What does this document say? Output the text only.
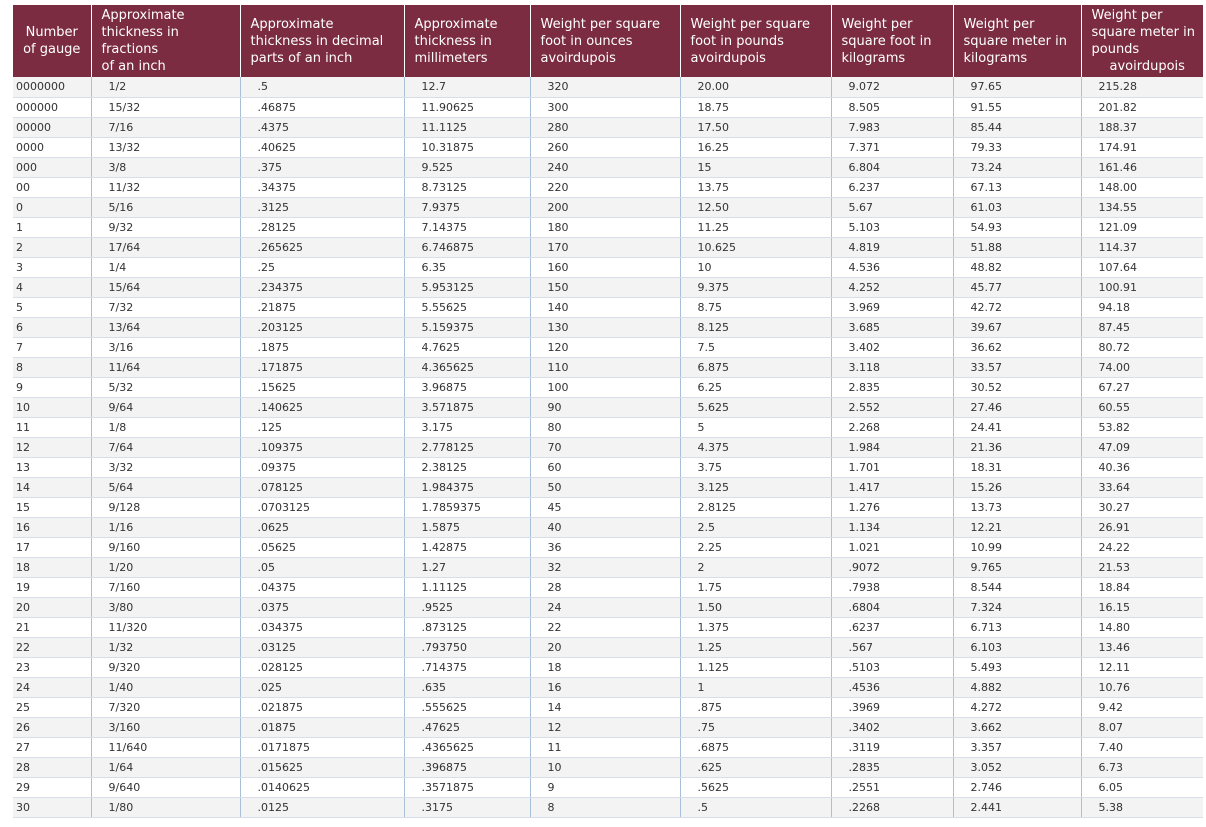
Number
of gauge	Approximate
thickness in fractions
of an inch	Approximate
thickness in decimal
parts of an inch	Approximate
thickness in
millimeters	Weight per square
foot in ounces
avoirdupois	Weight per square
foot in pounds
avoirdupois	Weight per
square foot in
kilograms	Weight per
square meter in
kilograms	Weight per
square meter in
pounds
avoirdupois
0000000	1/2	.5	12.7	320	20.00	9.072	97.65	215.28
000000	15/32	.46875	11.90625	300	18.75	8.505	91.55	201.82
00000	7/16	.4375	11.1125	280	17.50	7.983	85.44	188.37
0000	13/32	.40625	10.31875	260	16.25	7.371	79.33	174.91
000	3/8	.375	9.525	240	15	6.804	73.24	161.46
00	11/32	.34375	8.73125	220	13.75	6.237	67.13	148.00
0	5/16	.3125	7.9375	200	12.50	5.67	61.03	134.55
1	9/32	.28125	7.14375	180	11.25	5.103	54.93	121.09
2	17/64	.265625	6.746875	170	10.625	4.819	51.88	114.37
3	1/4	.25	6.35	160	10	4.536	48.82	107.64
4	15/64	.234375	5.953125	150	9.375	4.252	45.77	100.91
5	7/32	.21875	5.55625	140	8.75	3.969	42.72	94.18
6	13/64	.203125	5.159375	130	8.125	3.685	39.67	87.45
7	3/16	.1875	4.7625	120	7.5	3.402	36.62	80.72
8	11/64	.171875	4.365625	110	6.875	3.118	33.57	74.00
9	5/32	.15625	3.96875	100	6.25	2.835	30.52	67.27
10	9/64	.140625	3.571875	90	5.625	2.552	27.46	60.55
11	1/8	.125	3.175	80	5	2.268	24.41	53.82
12	7/64	.109375	2.778125	70	4.375	1.984	21.36	47.09
13	3/32	.09375	2.38125	60	3.75	1.701	18.31	40.36
14	5/64	.078125	1.984375	50	3.125	1.417	15.26	33.64
15	9/128	.0703125	1.7859375	45	2.8125	1.276	13.73	30.27
16	1/16	.0625	1.5875	40	2.5	1.134	12.21	26.91
17	9/160	.05625	1.42875	36	2.25	1.021	10.99	24.22
18	1/20	.05	1.27	32	2	.9072	9.765	21.53
19	7/160	.04375	1.11125	28	1.75	.7938	8.544	18.84
20	3/80	.0375	.9525	24	1.50	.6804	7.324	16.15
21	11/320	.034375	.873125	22	1.375	.6237	6.713	14.80
22	1/32	.03125	.793750	20	1.25	.567	6.103	13.46
23	9/320	.028125	.714375	18	1.125	.5103	5.493	12.11
24	1/40	.025	.635	16	1	.4536	4.882	10.76
25	7/320	.021875	.555625	14	.875	.3969	4.272	9.42
26	3/160	.01875	.47625	12	.75	.3402	3.662	8.07
27	11/640	.0171875	.4365625	11	.6875	.3119	3.357	7.40
28	1/64	.015625	.396875	10	.625	.2835	3.052	6.73
29	9/640	.0140625	.3571875	9	.5625	.2551	2.746	6.05
30	1/80	.0125	.3175	8	.5	.2268	2.441	5.38
